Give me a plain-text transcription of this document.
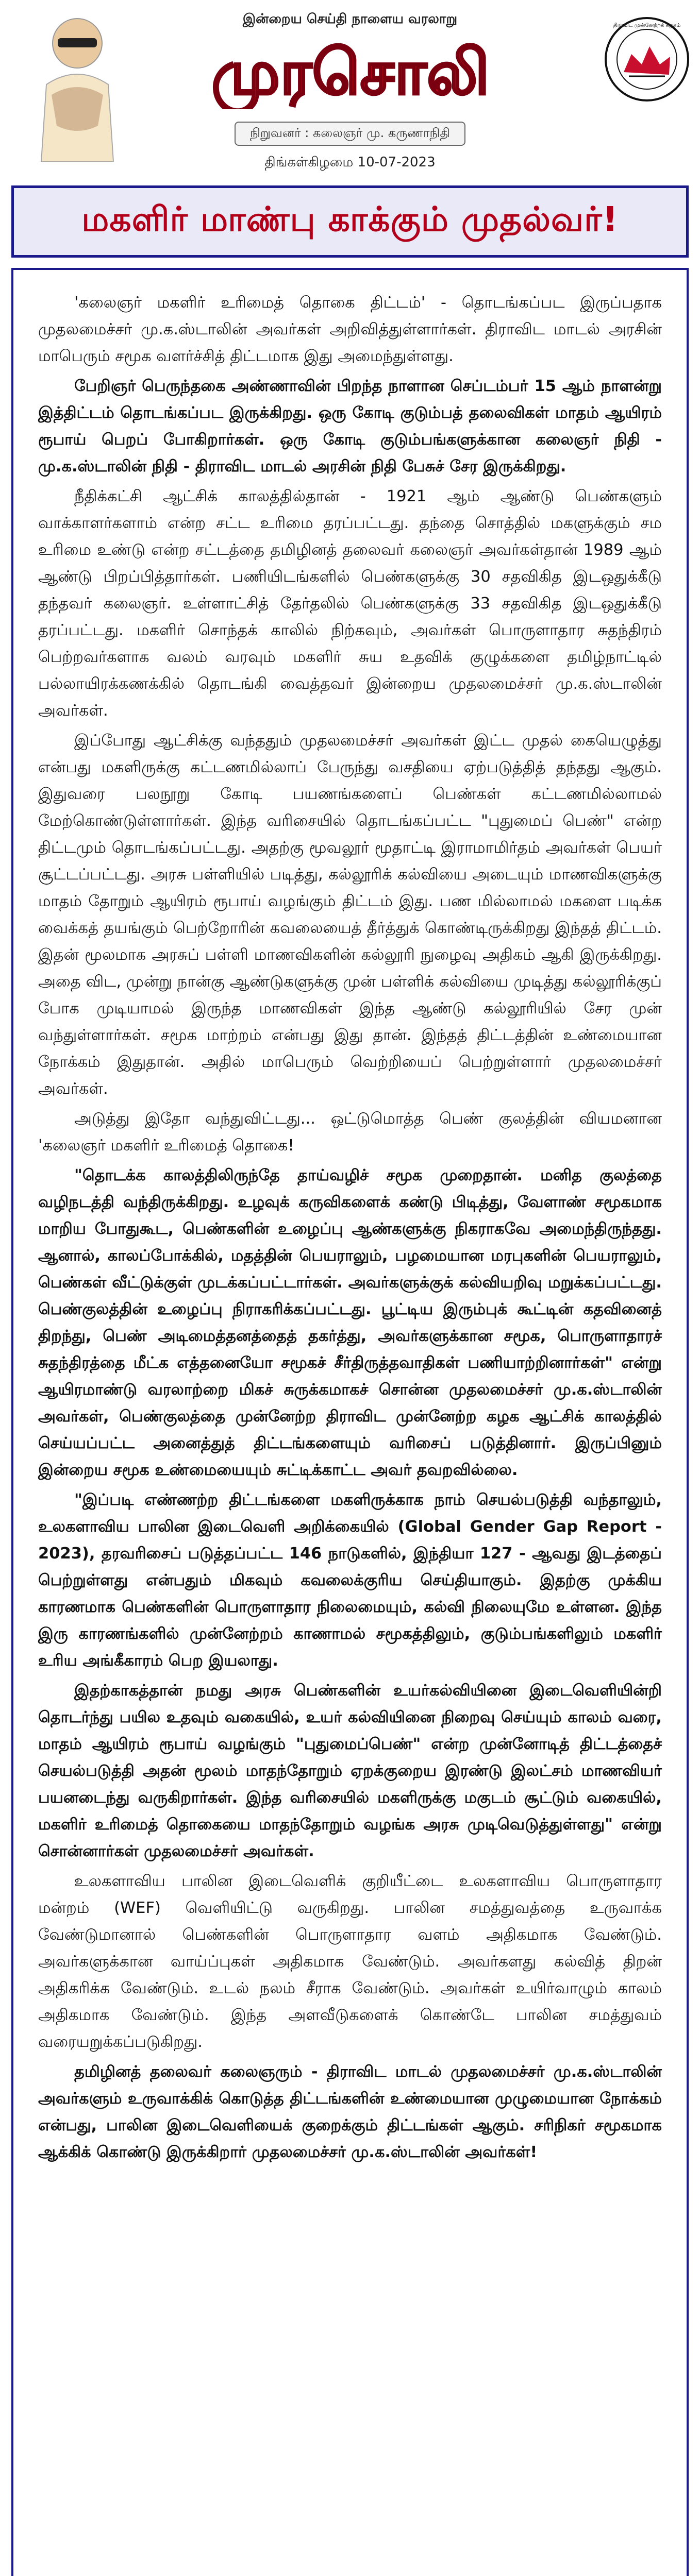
இன்றைய செய்தி நாளைய வரலாறு
முரசொலி
நிறுவனர் : கலைஞர் மு. கருணாநிதி
திராவிட முன்னேற்றக் கழகம்
திங்கள்கிழமை 10-07-2023
மகளிர் மாண்பு காக்கும் முதல்வர்!

'கலைஞர் மகளிர் உரிமைத் தொகை திட்டம்' - தொடங்கப்பட இருப்பதாக முதலமைச்சர் மு.க.ஸ்டாலின் அவர்கள் அறிவித்துள்ளார்கள். திராவிட மாடல் அரசின் மாபெரும் சமூக வளர்ச்சித் திட்டமாக இது அமைந்துள்ளது.

பேறிஞர் பெருந்தகை அண்ணாவின் பிறந்த நாளான செப்டம்பர் 15 ஆம் நாளன்று இத்திட்டம் தொடங்கப்பட இருக்கிறது. ஒரு கோடி குடும்பத் தலைவிகள் மாதம் ஆயிரம் ரூபாய் பெறப் போகிறார்கள். ஒரு கோடி குடும்பங்களுக்கான கலைஞர் நிதி - மு.க.ஸ்டாலின் நிதி - திராவிட மாடல் அரசின் நிதி பேசுச் சேர இருக்கிறது.

நீதிக்கட்சி ஆட்சிக் காலத்தில்தான் - 1921 ஆம் ஆண்டு பெண்களும் வாக்காளர்களாம் என்ற சட்ட உரிமை தரப்பட்டது. தந்தை சொத்தில் மகளுக்கும் சம உரிமை உண்டு என்ற சட்டத்தை தமிழினத் தலைவர் கலைஞர் அவர்கள்தான் 1989 ஆம் ஆண்டு பிறப்பித்தார்கள். பணியிடங்களில் பெண்களுக்கு 30 சதவிகித இடஒதுக்கீடு தந்தவர் கலைஞர். உள்ளாட்சித் தேர்தலில் பெண்களுக்கு 33 சதவிகித இடஒதுக்கீடு தரப்பட்டது. மகளிர் சொந்தக் காலில் நிற்கவும், அவர்கள் பொருளாதார சுதந்திரம் பெற்றவர்களாக வலம் வரவும் மகளிர் சுய உதவிக் குழுக்களை தமிழ்நாட்டில் பல்லாயிரக்கணக்கில் தொடங்கி வைத்தவர் இன்றைய முதலமைச்சர் மு.க.ஸ்டாலின் அவர்கள்.

இப்போது ஆட்சிக்கு வந்ததும் முதலமைச்சர் அவர்கள் இட்ட முதல் கையெழுத்து என்பது மகளிருக்கு கட்டணமில்லாப் பேருந்து வசதியை ஏற்படுத்தித் தந்தது ஆகும். இதுவரை பலநூறு கோடி பயணங்களைப் பெண்கள் கட்டணமில்லாமல் மேற்கொண்டுள்ளார்கள். இந்த வரிசையில் தொடங்கப்பட்ட "புதுமைப் பெண்" என்ற திட்டமும் தொடங்கப்பட்டது. அதற்கு மூவலூர் மூதாட்டி இராமாமிர்தம் அவர்கள் பெயர் சூட்டப்பட்டது. அரசு பள்ளியில் படித்து, கல்லூரிக் கல்வியை அடையும் மாணவிகளுக்கு மாதம் தோறும் ஆயிரம் ரூபாய் வழங்கும் திட்டம் இது. பண மில்லாமல் மகளை படிக்க வைக்கத் தயங்கும் பெற்றோரின் கவலையைத் தீர்த்துக் கொண்டிருக்கிறது இந்தத் திட்டம். இதன் மூலமாக அரசுப் பள்ளி மாணவிகளின் கல்லூரி நுழைவு அதிகம் ஆகி இருக்கிறது. அதை விட, முன்று நான்கு ஆண்டுகளுக்கு முன் பள்ளிக் கல்வியை முடித்து கல்லூரிக்குப் போக முடியாமல் இருந்த மாணவிகள் இந்த ஆண்டு கல்லூரியில் சேர முன் வந்துள்ளார்கள். சமூக மாற்றம் என்பது இது தான். இந்தத் திட்டத்தின் உண்மையான நோக்கம் இதுதான். அதில் மாபெரும் வெற்றியைப் பெற்றுள்ளார் முதலமைச்சர் அவர்கள்.

அடுத்து இதோ வந்துவிட்டது... ஒட்டுமொத்த பெண் குலத்தின் வியமனான 'கலைஞர் மகளிர் உரிமைத் தொகை!

"தொடக்க காலத்திலிருந்தே தாய்வழிச் சமூக முறைதான். மனித குலத்தை வழிநடத்தி வந்திருக்கிறது. உழவுக் கருவிகளைக் கண்டு பிடித்து, வேளாண் சமூகமாக மாறிய போதுகூட, பெண்களின் உழைப்பு ஆண்களுக்கு நிகராகவே அமைந்திருந்தது. ஆனால், காலப்போக்கில், மதத்தின் பெயராலும், பழமையான மரபுகளின் பெயராலும், பெண்கள் வீட்டுக்குள் முடக்கப்பட்டார்கள். அவர்களுக்குக் கல்வியறிவு மறுக்கப்பட்டது. பெண்குலத்தின் உழைப்பு நிராகரிக்கப்பட்டது. பூட்டிய இரும்புக் கூட்டின் கதவினைத் திறந்து, பெண் அடிமைத்தனத்தைத் தகர்த்து, அவர்களுக்கான சமூக, பொருளாதாரச் சுதந்திரத்தை மீட்க எத்தனையோ சமூகச் சீர்திருத்தவாதிகள் பணியாற்றினார்கள்" என்று ஆயிரமாண்டு வரலாற்றை மிகச் சுருக்கமாகச் சொன்ன முதலமைச்சர் மு.க.ஸ்டாலின் அவர்கள், பெண்குலத்தை முன்னேற்ற திராவிட முன்னேற்ற கழக ஆட்சிக் காலத்தில் செய்யப்பட்ட அனைத்துத் திட்டங்களையும் வரிசைப் படுத்தினார். இருப்பினும் இன்றைய சமூக உண்மையையும் சுட்டிக்காட்ட அவர் தவறவில்லை.

"இப்படி எண்ணற்ற திட்டங்களை மகளிருக்காக நாம் செயல்படுத்தி வந்தாலும், உலகளாவிய பாலின இடைவெளி அறிக்கையில் (Global Gender Gap Report - 2023), தரவரிசைப் படுத்தப்பட்ட 146 நாடுகளில், இந்தியா 127 - ஆவது இடத்தைப் பெற்றுள்ளது என்பதும் மிகவும் கவலைக்குரிய செய்தியாகும். இதற்கு முக்கிய காரணமாக பெண்களின் பொருளாதார நிலைமையும், கல்வி நிலையுமே உள்ளன. இந்த இரு காரணங்களில் முன்னேற்றம் காணாமல் சமூகத்திலும், குடும்பங்களிலும் மகளிர் உரிய அங்கீகாரம் பெற இயலாது.

இதற்காகத்தான் நமது அரசு பெண்களின் உயர்கல்வியினை இடைவெளியின்றி தொடர்ந்து பயில உதவும் வகையில், உயர் கல்வியினை நிறைவு செய்யும் காலம் வரை, மாதம் ஆயிரம் ரூபாய் வழங்கும் "புதுமைப்பெண்" என்ற முன்னோடித் திட்டத்தைச் செயல்படுத்தி அதன் மூலம் மாதந்தோறும் ஏறக்குறைய இரண்டு இலட்சம் மாணவியர் பயனடைந்து வருகிறார்கள். இந்த வரிசையில் மகளிருக்கு மகுடம் சூட்டும் வகையில், மகளிர் உரிமைத் தொகையை மாதந்தோறும் வழங்க அரசு முடிவெடுத்துள்ளது" என்று சொன்னார்கள் முதலமைச்சர் அவர்கள்.

உலகளாவிய பாலின இடைவெளிக் குறியீட்டை உலகளாவிய பொருளாதார மன்றம் (WEF) வெளியிட்டு வருகிறது. பாலின சமத்துவத்தை உருவாக்க வேண்டுமானால் பெண்களின் பொருளாதார வளம் அதிகமாக வேண்டும். அவர்களுக்கான வாய்ப்புகள் அதிகமாக வேண்டும். அவர்களது கல்வித் திறன் அதிகரிக்க வேண்டும். உடல் நலம் சீராக வேண்டும். அவர்கள் உயிர்வாழும் காலம் அதிகமாக வேண்டும். இந்த அளவீடுகளைக் கொண்டே பாலின சமத்துவம் வரையறுக்கப்படுகிறது.

தமிழினத் தலைவர் கலைஞரும் - திராவிட மாடல் முதலமைச்சர் மு.க.ஸ்டாலின் அவர்களும் உருவாக்கிக் கொடுத்த திட்டங்களின் உண்மையான முழுமையான நோக்கம் என்பது, பாலின இடைவெளியைக் குறைக்கும் திட்டங்கள் ஆகும். சரிநிகர் சமூகமாக ஆக்கிக் கொண்டு இருக்கிறார் முதலமைச்சர் மு.க.ஸ்டாலின் அவர்கள்!
